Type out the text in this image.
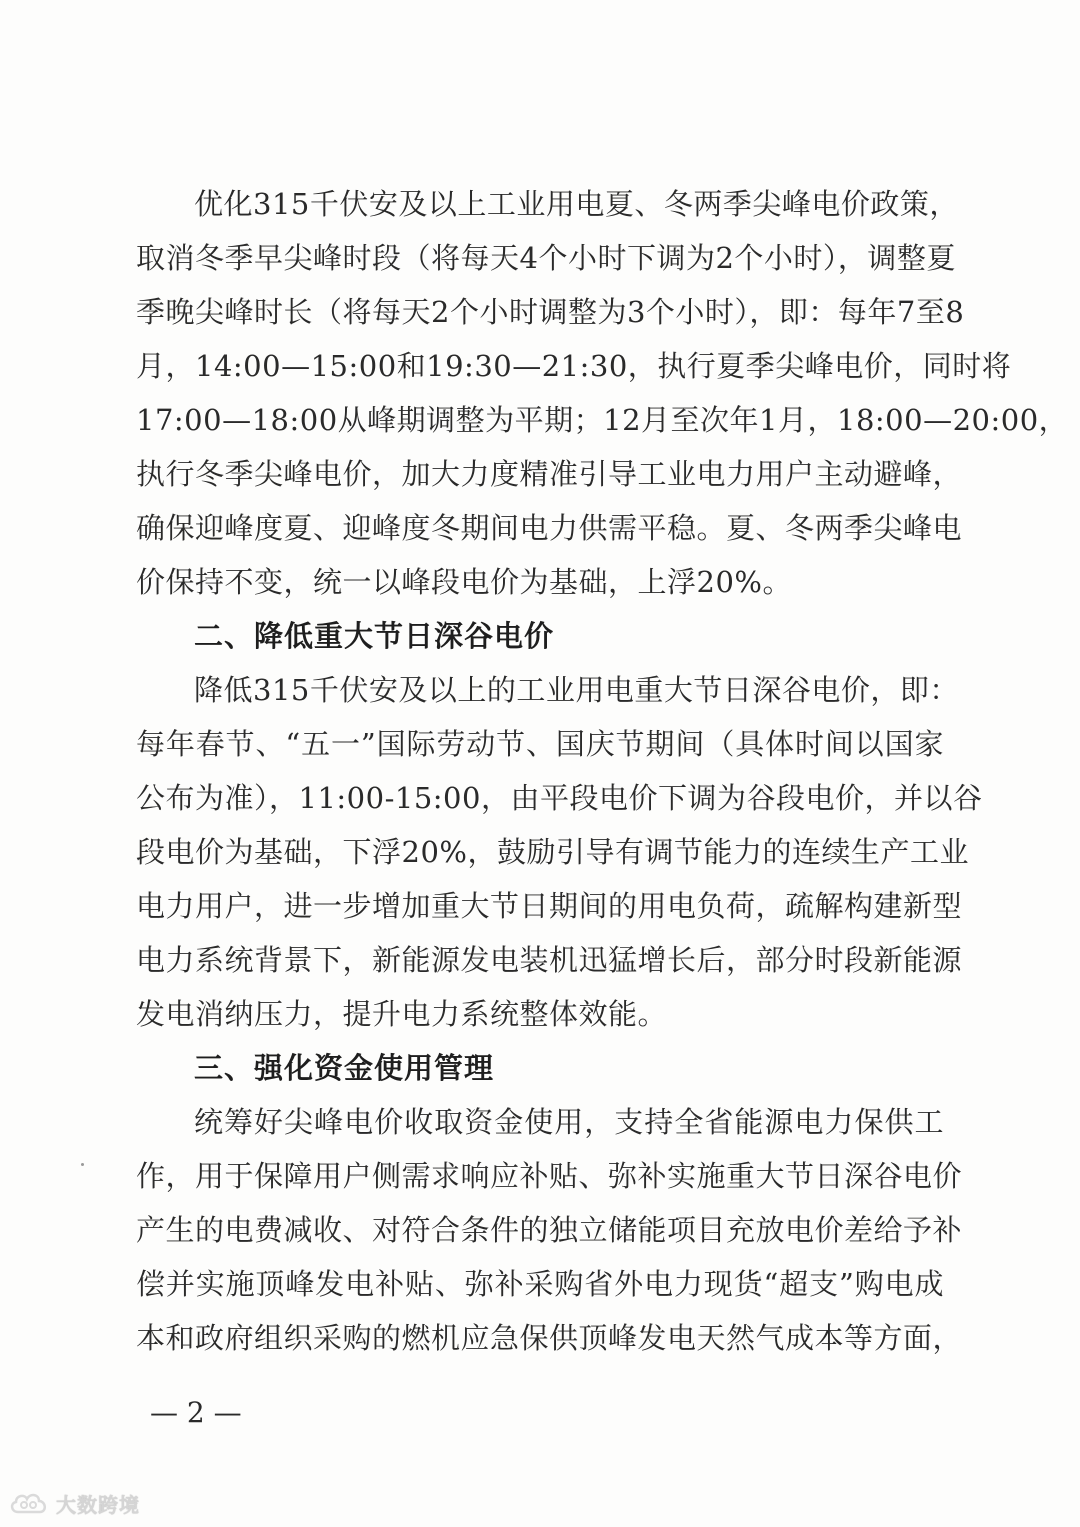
优化315千伏安及以上工业用电夏、冬两季尖峰电价政策，
取消冬季早尖峰时段（将每天4个小时下调为2个小时），调整夏
季晚尖峰时长（将每天2个小时调整为3个小时），即：每年7至8
月，14:00—15:00和19:30—21:30，执行夏季尖峰电价，同时将
17:00—18:00从峰期调整为平期；12月至次年1月，18:00—20:00，
执行冬季尖峰电价，加大力度精准引导工业电力用户主动避峰，
确保迎峰度夏、迎峰度冬期间电力供需平稳。夏、冬两季尖峰电
价保持不变，统一以峰段电价为基础，上浮20%。
二、降低重大节日深谷电价
降低315千伏安及以上的工业用电重大节日深谷电价，即：
每年春节、“五一”国际劳动节、国庆节期间（具体时间以国家
公布为准），11:00-15:00，由平段电价下调为谷段电价，并以谷
段电价为基础，下浮20%，鼓励引导有调节能力的连续生产工业
电力用户，进一步增加重大节日期间的用电负荷，疏解构建新型
电力系统背景下，新能源发电装机迅猛增长后，部分时段新能源
发电消纳压力，提升电力系统整体效能。
三、强化资金使用管理
统筹好尖峰电价收取资金使用，支持全省能源电力保供工
作，用于保障用户侧需求响应补贴、弥补实施重大节日深谷电价
产生的电费减收、对符合条件的独立储能项目充放电价差给予补
偿并实施顶峰发电补贴、弥补采购省外电力现货“超支”购电成
本和政府组织采购的燃机应急保供顶峰发电天然气成本等方面，
— 2 —
大数跨境
